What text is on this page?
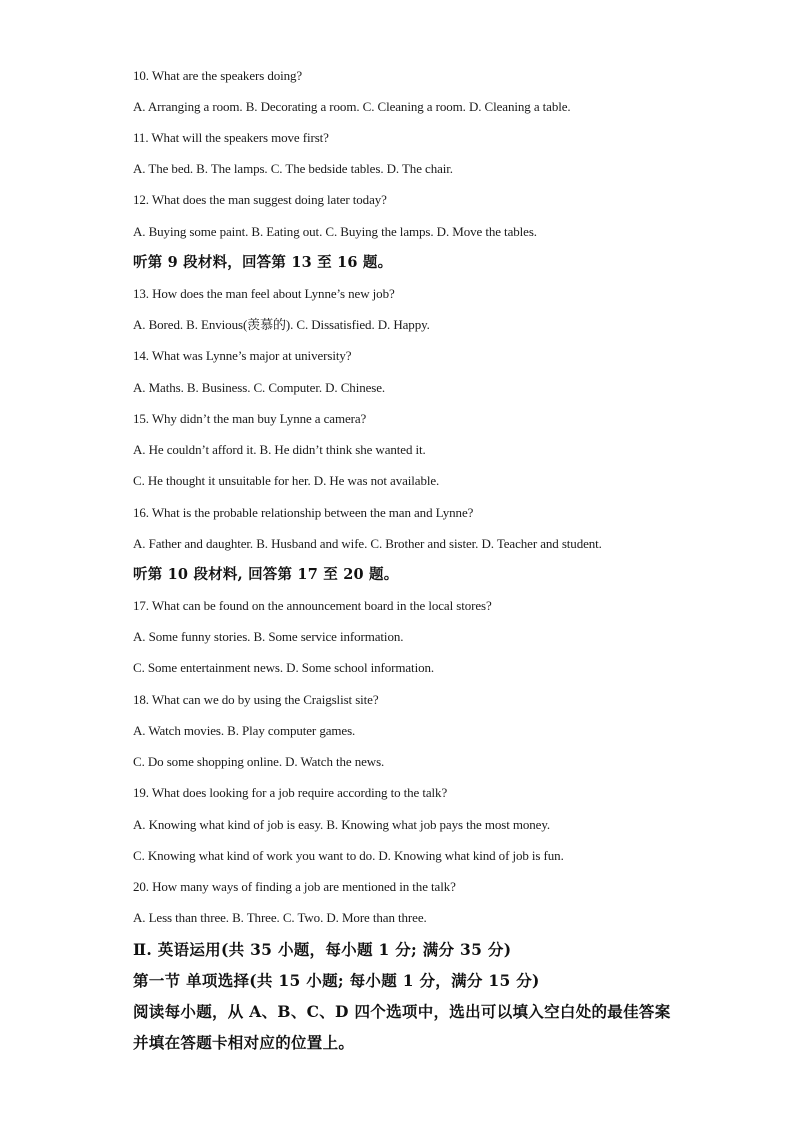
10. What are the speakers doing?
A. Arranging a room. B. Decorating a room. C. Cleaning a room. D. Cleaning a table.
11. What will the speakers move first?
A. The bed. B. The lamps. C. The bedside tables. D. The chair.
12. What does the man suggest doing later today?
A. Buying some paint. B. Eating out. C. Buying the lamps. D. Move the tables.
听第 9 段材料，回答第 13 至 16 题。
13. How does the man feel about Lynne’s new job?
A. Bored. B. Envious(羡慕的). C. Dissatisfied. D. Happy.
14. What was Lynne’s major at university?
A. Maths. B. Business. C. Computer. D. Chinese.
15. Why didn’t the man buy Lynne a camera?
A. He couldn’t afford it. B. He didn’t think she wanted it.
C. He thought it unsuitable for her. D. He was not available.
16. What is the probable relationship between the man and Lynne?
A. Father and daughter. B. Husband and wife. C. Brother and sister. D. Teacher and student.
听第 10 段材料, 回答第 17 至 20 题。
17. What can be found on the announcement board in the local stores?
A. Some funny stories. B. Some service information.
C. Some entertainment news. D. Some school information.
18. What can we do by using the Craigslist site?
A. Watch movies. B. Play computer games.
C. Do some shopping online. D. Watch the news.
19. What does looking for a job require according to the talk?
A. Knowing what kind of job is easy. B. Knowing what job pays the most money.
C. Knowing what kind of work you want to do. D. Knowing what kind of job is fun.
20. How many ways of finding a job are mentioned in the talk?
A. Less than three. B. Three. C. Two. D. More than three.
Ⅱ. 英语运用(共 35 小题，每小题 1 分; 满分 35 分)
第一节 单项选择(共 15 小题; 每小题 1 分，满分 15 分)
阅读每小题，从 A、B、C、D 四个选项中，选出可以填入空白处的最佳答案
并填在答题卡相对应的位置上。
